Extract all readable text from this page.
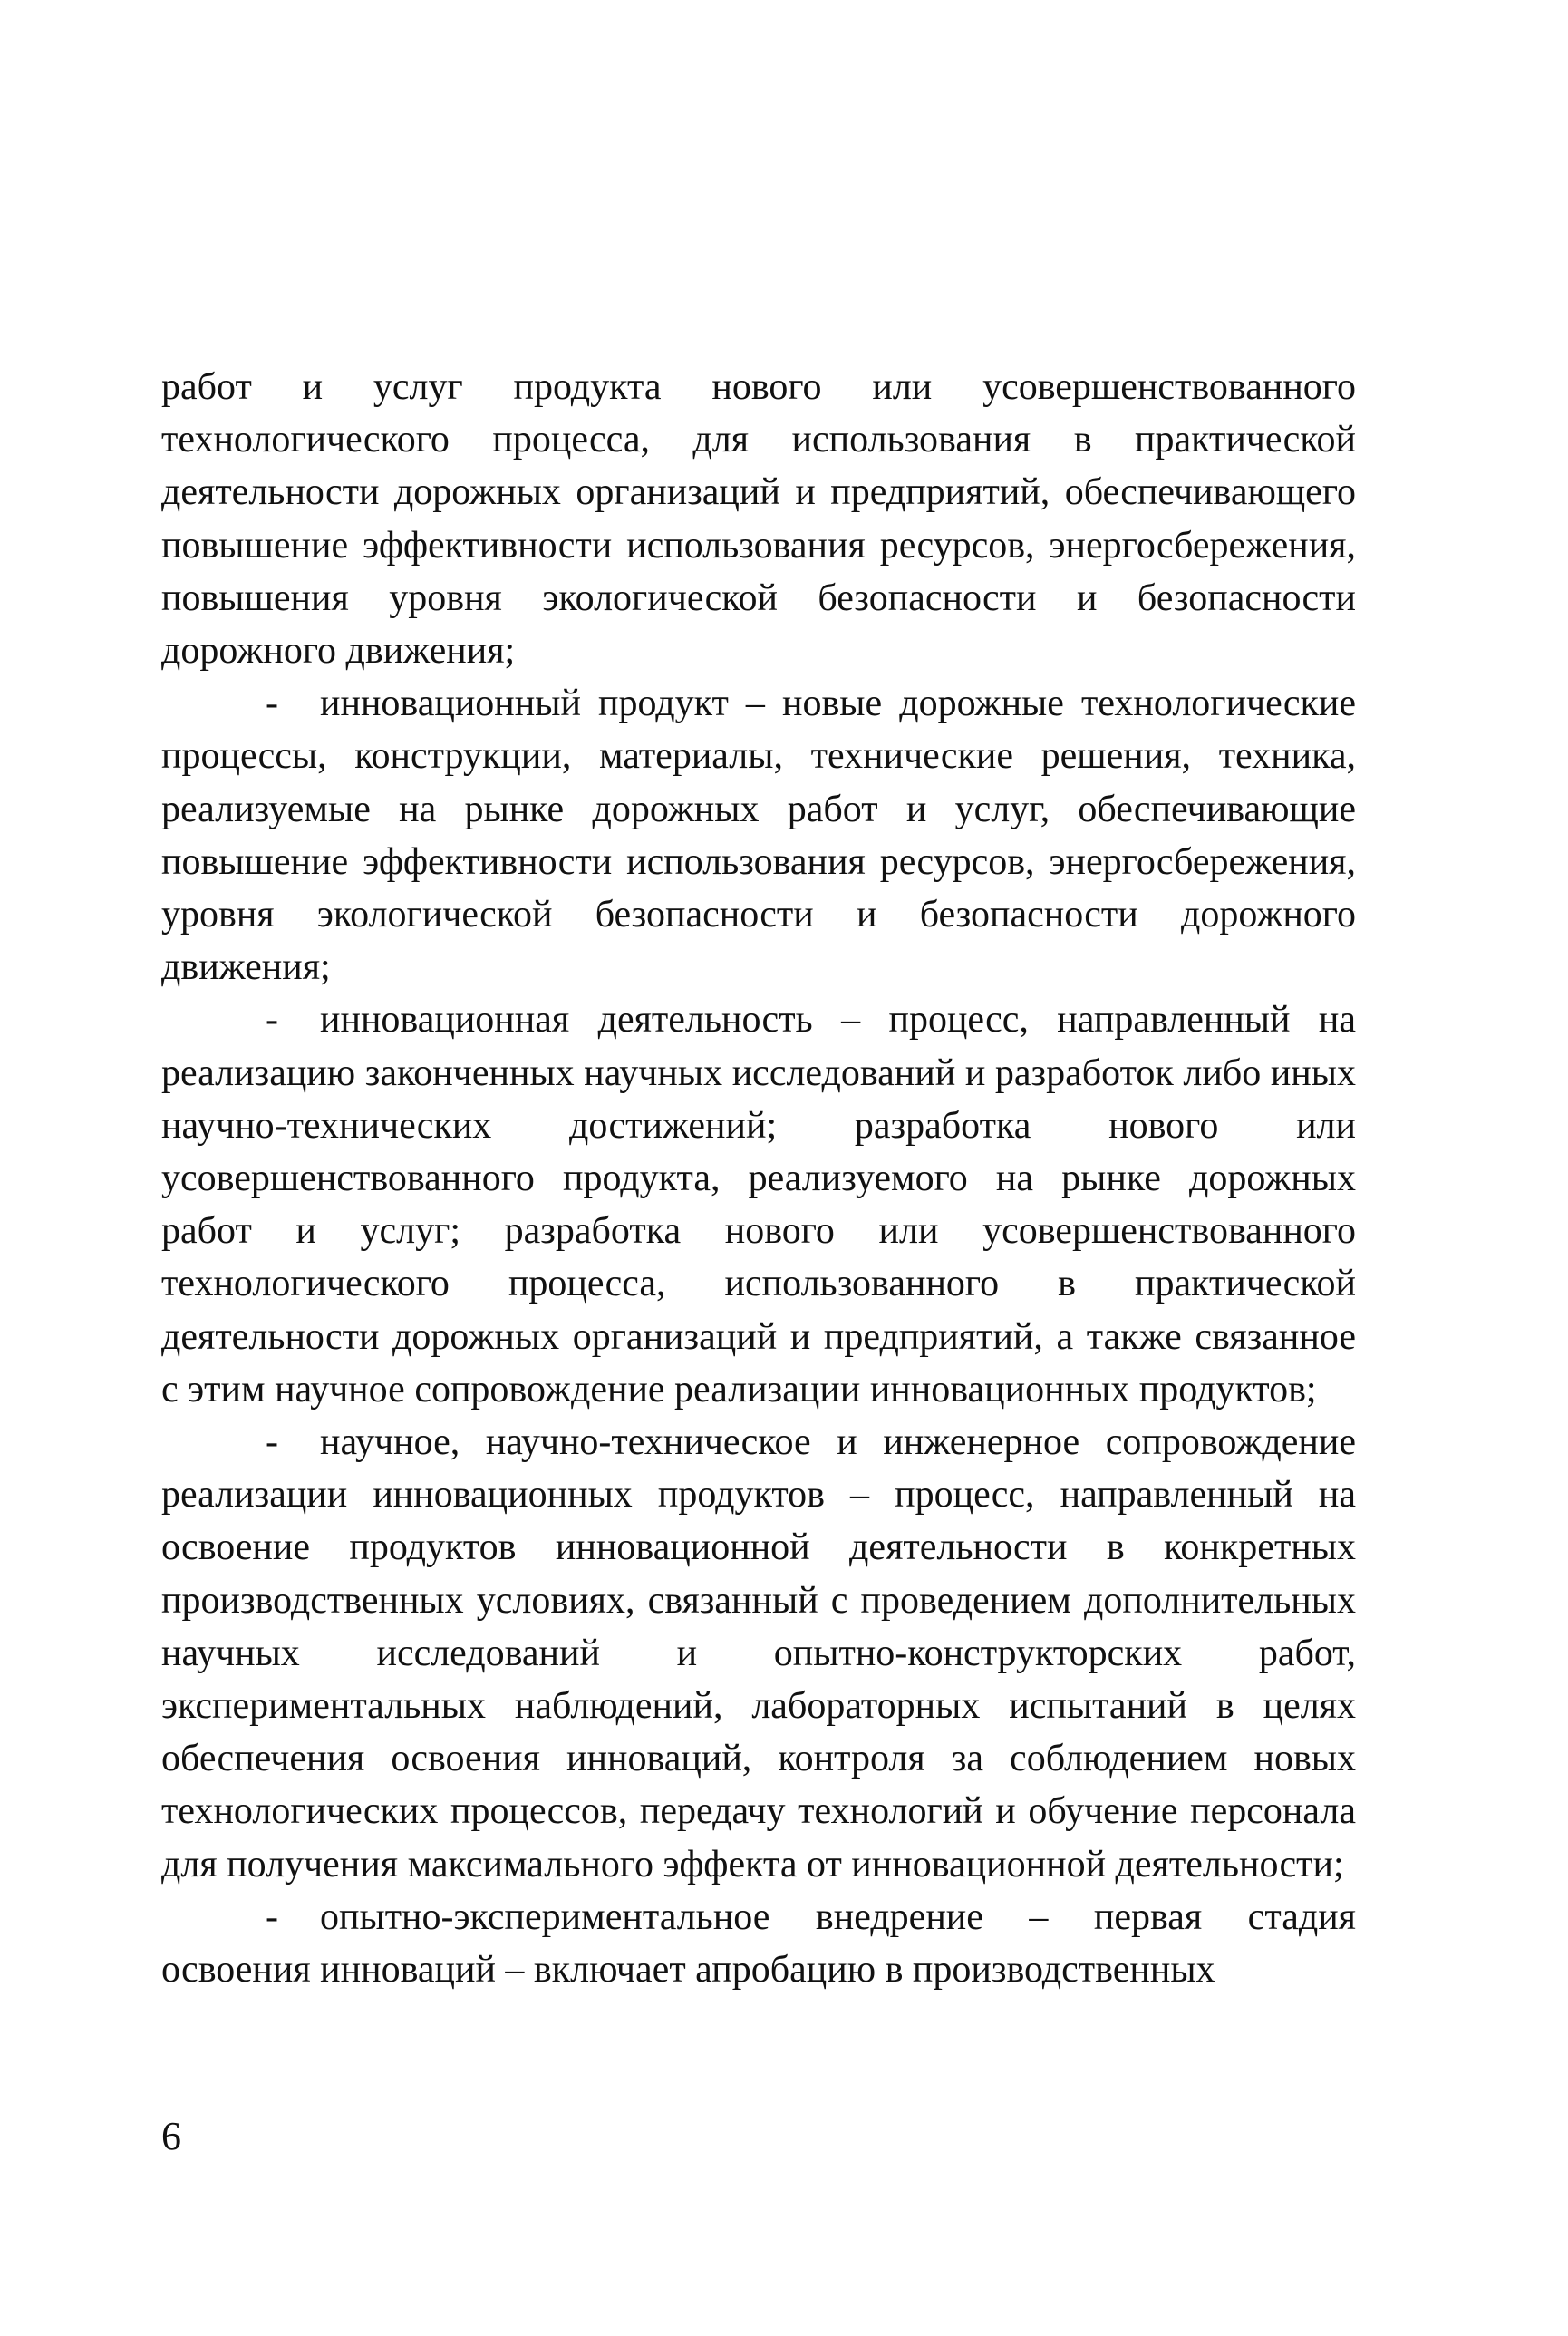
работ и услуг продукта нового или усовершенствованного технологического процесса, для использования в практической деятельности дорожных организаций и предприятий, обеспечивающего повышение эффективности использования ресурсов, энергосбережения, повышения уровня экологической безопасности и безопасности дорожного движения;

- инновационный продукт – новые дорожные технологические процессы, конструкции, материалы, технические решения, техника, реализуемые на рынке дорожных работ и услуг, обеспечивающие повышение эффективности использования ресурсов, энергосбережения, уровня экологической безопасности и безопасности дорожного движения;

- инновационная деятельность – процесс, направленный на реализацию законченных научных исследований и разработок либо иных научно-технических достижений; разработка нового или усовершенствованного продукта, реализуемого на рынке дорожных работ и услуг; разработка нового или усовершенствованного технологического процесса, использованного в практической деятельности дорожных организаций и предприятий, а также связанное с этим научное сопровождение реализации инновационных продуктов;

- научное, научно-техническое и инженерное сопровождение реализации инновационных продуктов – процесс, направленный на освоение продуктов инновационной деятельности в конкретных производственных условиях, связанный с проведением дополнительных научных исследований и опытно-конструкторских работ, экспериментальных наблюдений, лабораторных испытаний в целях обеспечения освоения инноваций, контроля за соблюдением новых технологических процессов, передачу технологий и обучение персонала для получения максимального эффекта от инновационной деятельности;

- опытно-экспериментальное внедрение – первая стадия освоения инноваций – включает апробацию в производственных

6
